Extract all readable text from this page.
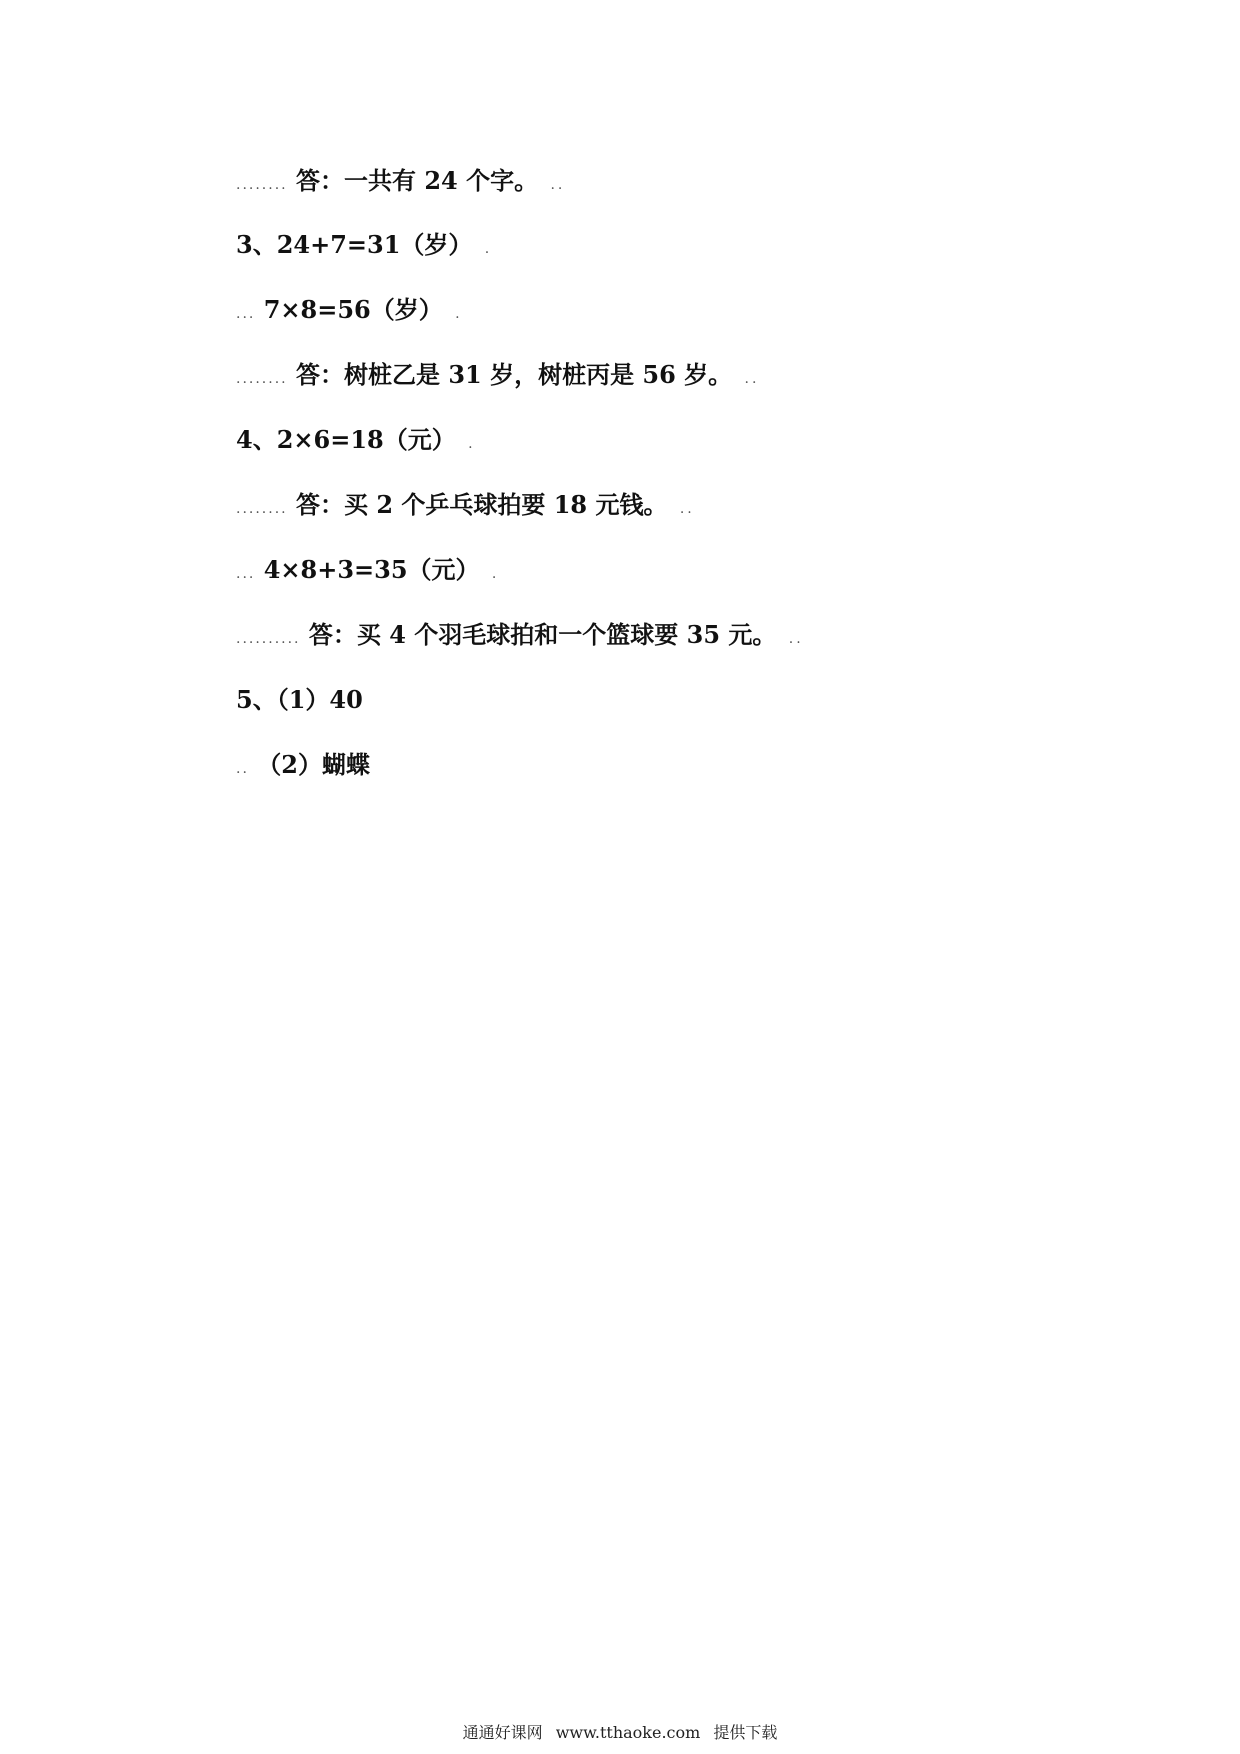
........ 答：一共有 24 个字。 ..
3、24+7=31（岁） .
... 7×8=56（岁） .
........ 答：树桩乙是 31 岁，树桩丙是 56 岁。 ..
4、2×6=18（元） .
........ 答：买 2 个乒乓球拍要 18 元钱。 ..
... 4×8+3=35（元） .
.......... 答：买 4 个羽毛球拍和一个篮球要 35 元。 ..
5、（1）40
.. （2）蝴蝶
通通好课网 www.tthaoke.com 提供下载
